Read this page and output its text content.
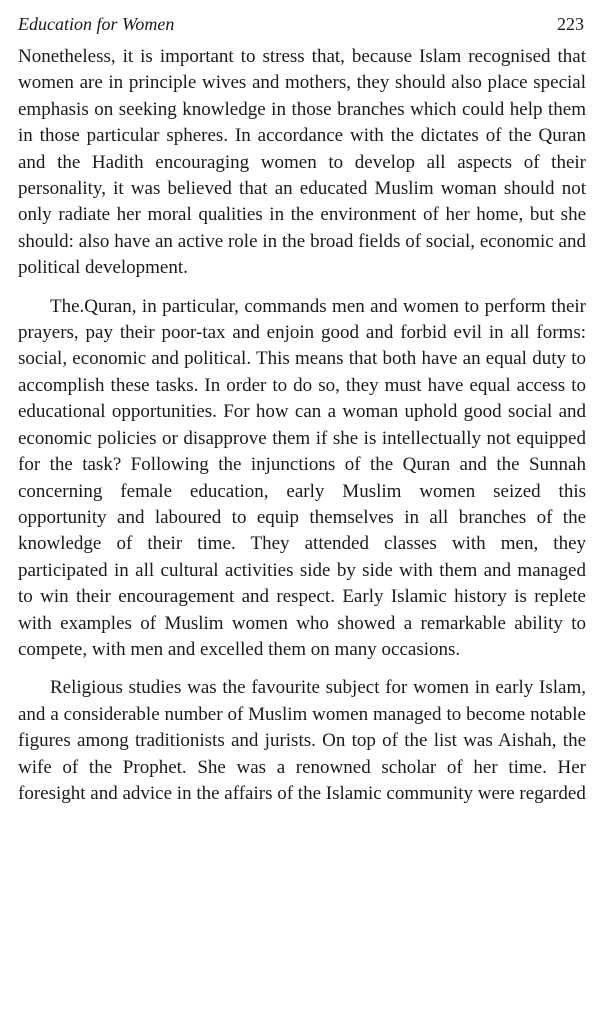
Education for Women	223

Nonetheless, it is important to stress that, because Islam recognised that women are in principle wives and mothers, they should also place special emphasis on seeking knowledge in those branches which could help them in those particular spheres. In accordance with the dictates of the Quran and the Hadith encouraging women to develop all aspects of their personality, it was believed that an educated Muslim woman should not only radiate her moral qualities in the environment of her home, but she should: also have an active role in the broad fields of social, economic and political development.

The.Quran, in particular, commands men and women to perform their prayers, pay their poor-tax and enjoin good and forbid evil in all forms: social, economic and political. This means that both have an equal duty to accomplish these tasks. In order to do so, they must have equal access to educational opportunities. For how can a woman uphold good social and economic policies or disapprove them if she is intellectually not equipped for the task? Following the injunctions of the Quran and the Sunnah concerning female education, early Muslim women seized this opportunity and laboured to equip themselves in all branches of the knowledge of their time. They attended classes with men, they participated in all cultural activities side by side with them and managed to win their encouragement and respect. Early Islamic history is replete with examples of Muslim women who showed a remarkable ability to compete, with men and excelled them on many occasions.

Religious studies was the favourite subject for women in early Islam, and a considerable number of Muslim women managed to become notable figures among traditionists and jurists. On top of the list was Aishah, the wife of the Prophet. She was a renowned scholar of her time. Her foresight and advice in the affairs of the Islamic community were regarded
